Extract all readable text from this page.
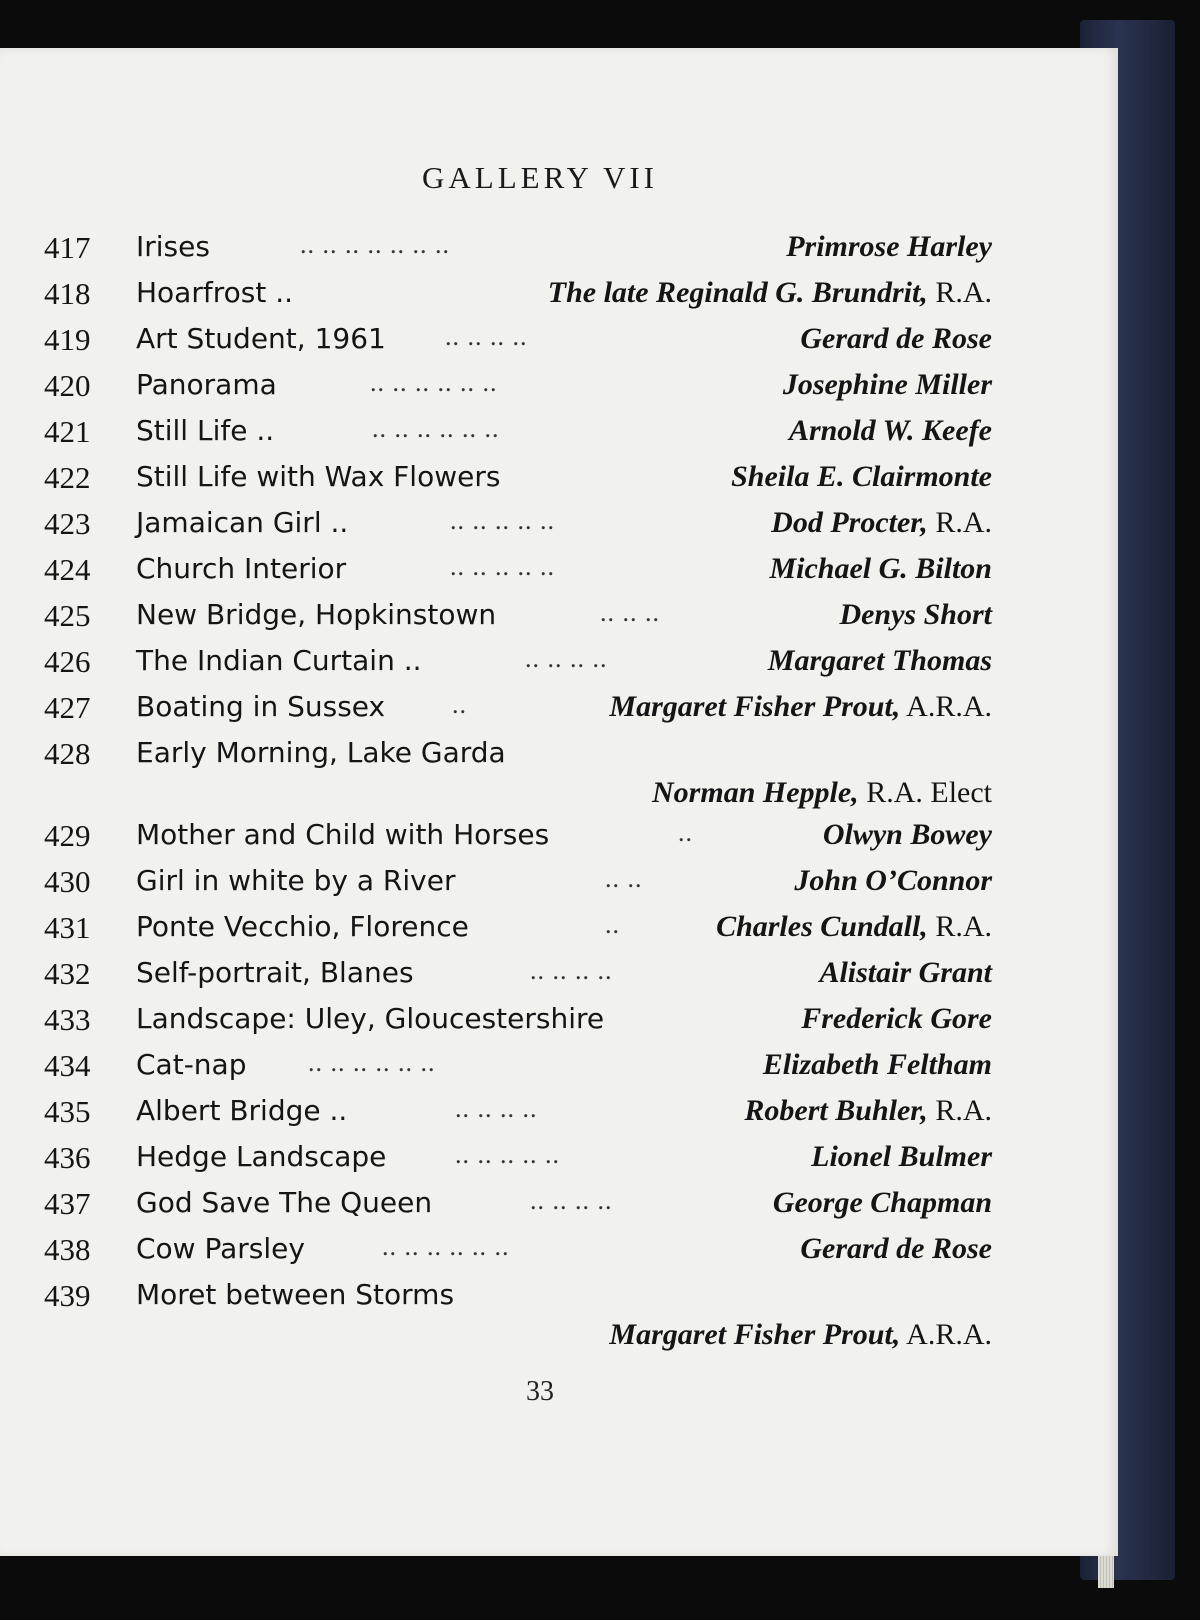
GALLERY VII
417	Irises	.. .. .. .. .. .. ..	Primrose Harley
418	Hoarfrost ..	The late Reginald G. Brundrit, R.A.
419	Art Student, 1961 .. .. .. ..	Gerard de Rose
420	Panorama	.. .. .. .. .. ..	Josephine Miller
421	Still Life ..	.. .. .. .. .. ..	Arnold W. Keefe
422	Still Life with Wax Flowers	Sheila E. Clairmonte
423	Jamaican Girl ..	.. .. .. .. ..	Dod Procter, R.A.
424	Church Interior	.. .. .. .. ..	Michael G. Bilton
425	New Bridge, Hopkinstown	.. .. ..	Denys Short
426	The Indian Curtain ..	.. .. .. ..	Margaret Thomas
427	Boating in Sussex	..	Margaret Fisher Prout, A.R.A.
428	Early Morning, Lake Garda
Norman Hepple, R.A. Elect
429	Mother and Child with Horses	..	Olwyn Bowey
430	Girl in white by a River	.. ..	John O’Connor
431	Ponte Vecchio, Florence	..	Charles Cundall, R.A.
432	Self-portrait, Blanes	.. .. .. ..	Alistair Grant
433	Landscape: Uley, Gloucestershire	Frederick Gore
434	Cat-nap .. .. .. .. .. ..	Elizabeth Feltham
435	Albert Bridge ..	.. .. .. ..	Robert Buhler, R.A.
436	Hedge Landscape	.. .. .. .. ..	Lionel Bulmer
437	God Save The Queen	.. .. .. ..	George Chapman
438	Cow Parsley	.. .. .. .. .. ..	Gerard de Rose
439	Moret between Storms
Margaret Fisher Prout, A.R.A.
33
